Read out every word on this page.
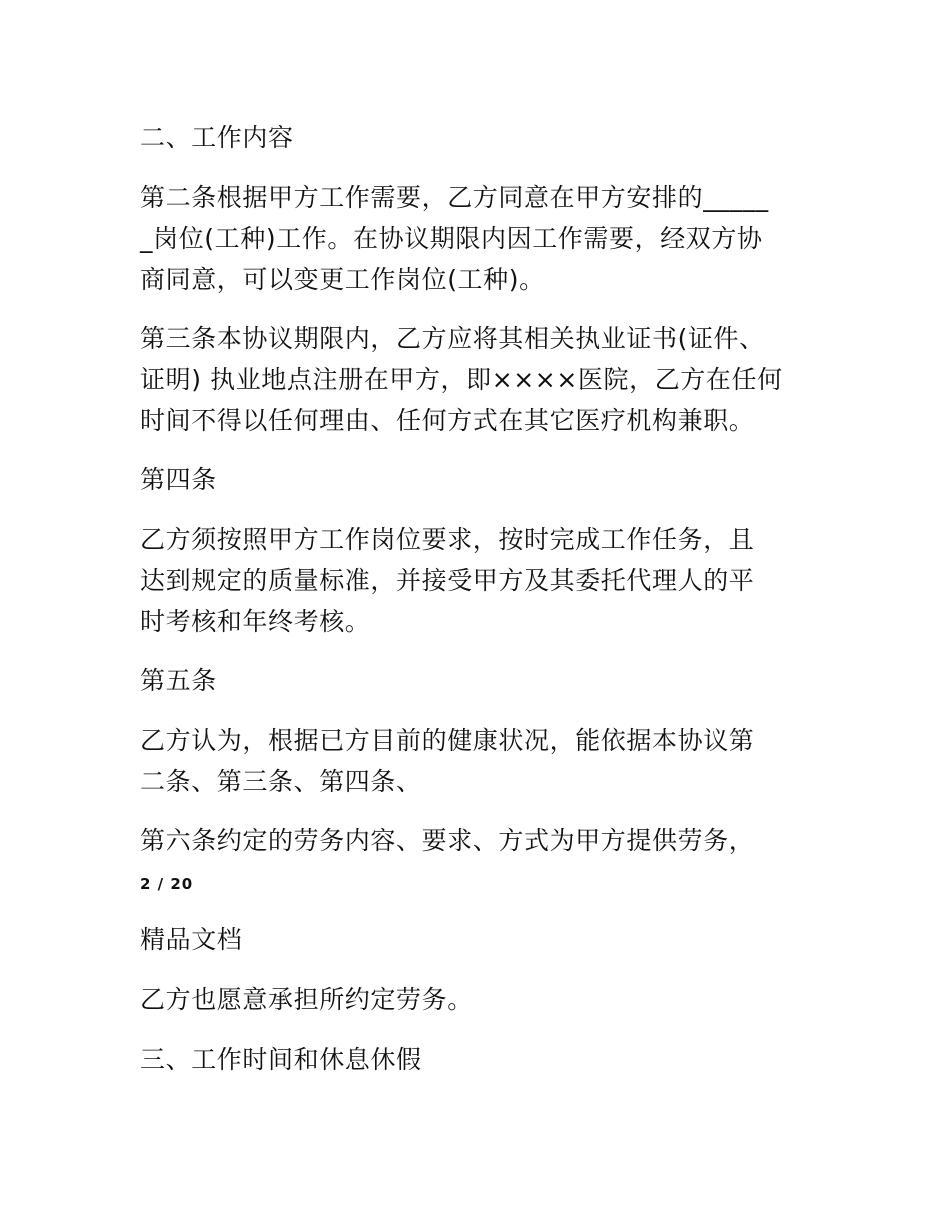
二、工作内容

第二条根据甲方工作需要，乙方同意在甲方安排的_____
_岗位(工种)工作。在协议期限内因工作需要，经双方协
商同意，可以变更工作岗位(工种)。

第三条本协议期限内，乙方应将其相关执业证书(证件、
证明) 执业地点注册在甲方，即××××医院，乙方在任何
时间不得以任何理由、任何方式在其它医疗机构兼职。

第四条

乙方须按照甲方工作岗位要求，按时完成工作任务，且
达到规定的质量标准，并接受甲方及其委托代理人的平
时考核和年终考核。

第五条

乙方认为，根据已方目前的健康状况，能依据本协议第
二条、第三条、第四条、

第六条约定的劳务内容、要求、方式为甲方提供劳务，

2 / 20

精品文档

乙方也愿意承担所约定劳务。

三、工作时间和休息休假
